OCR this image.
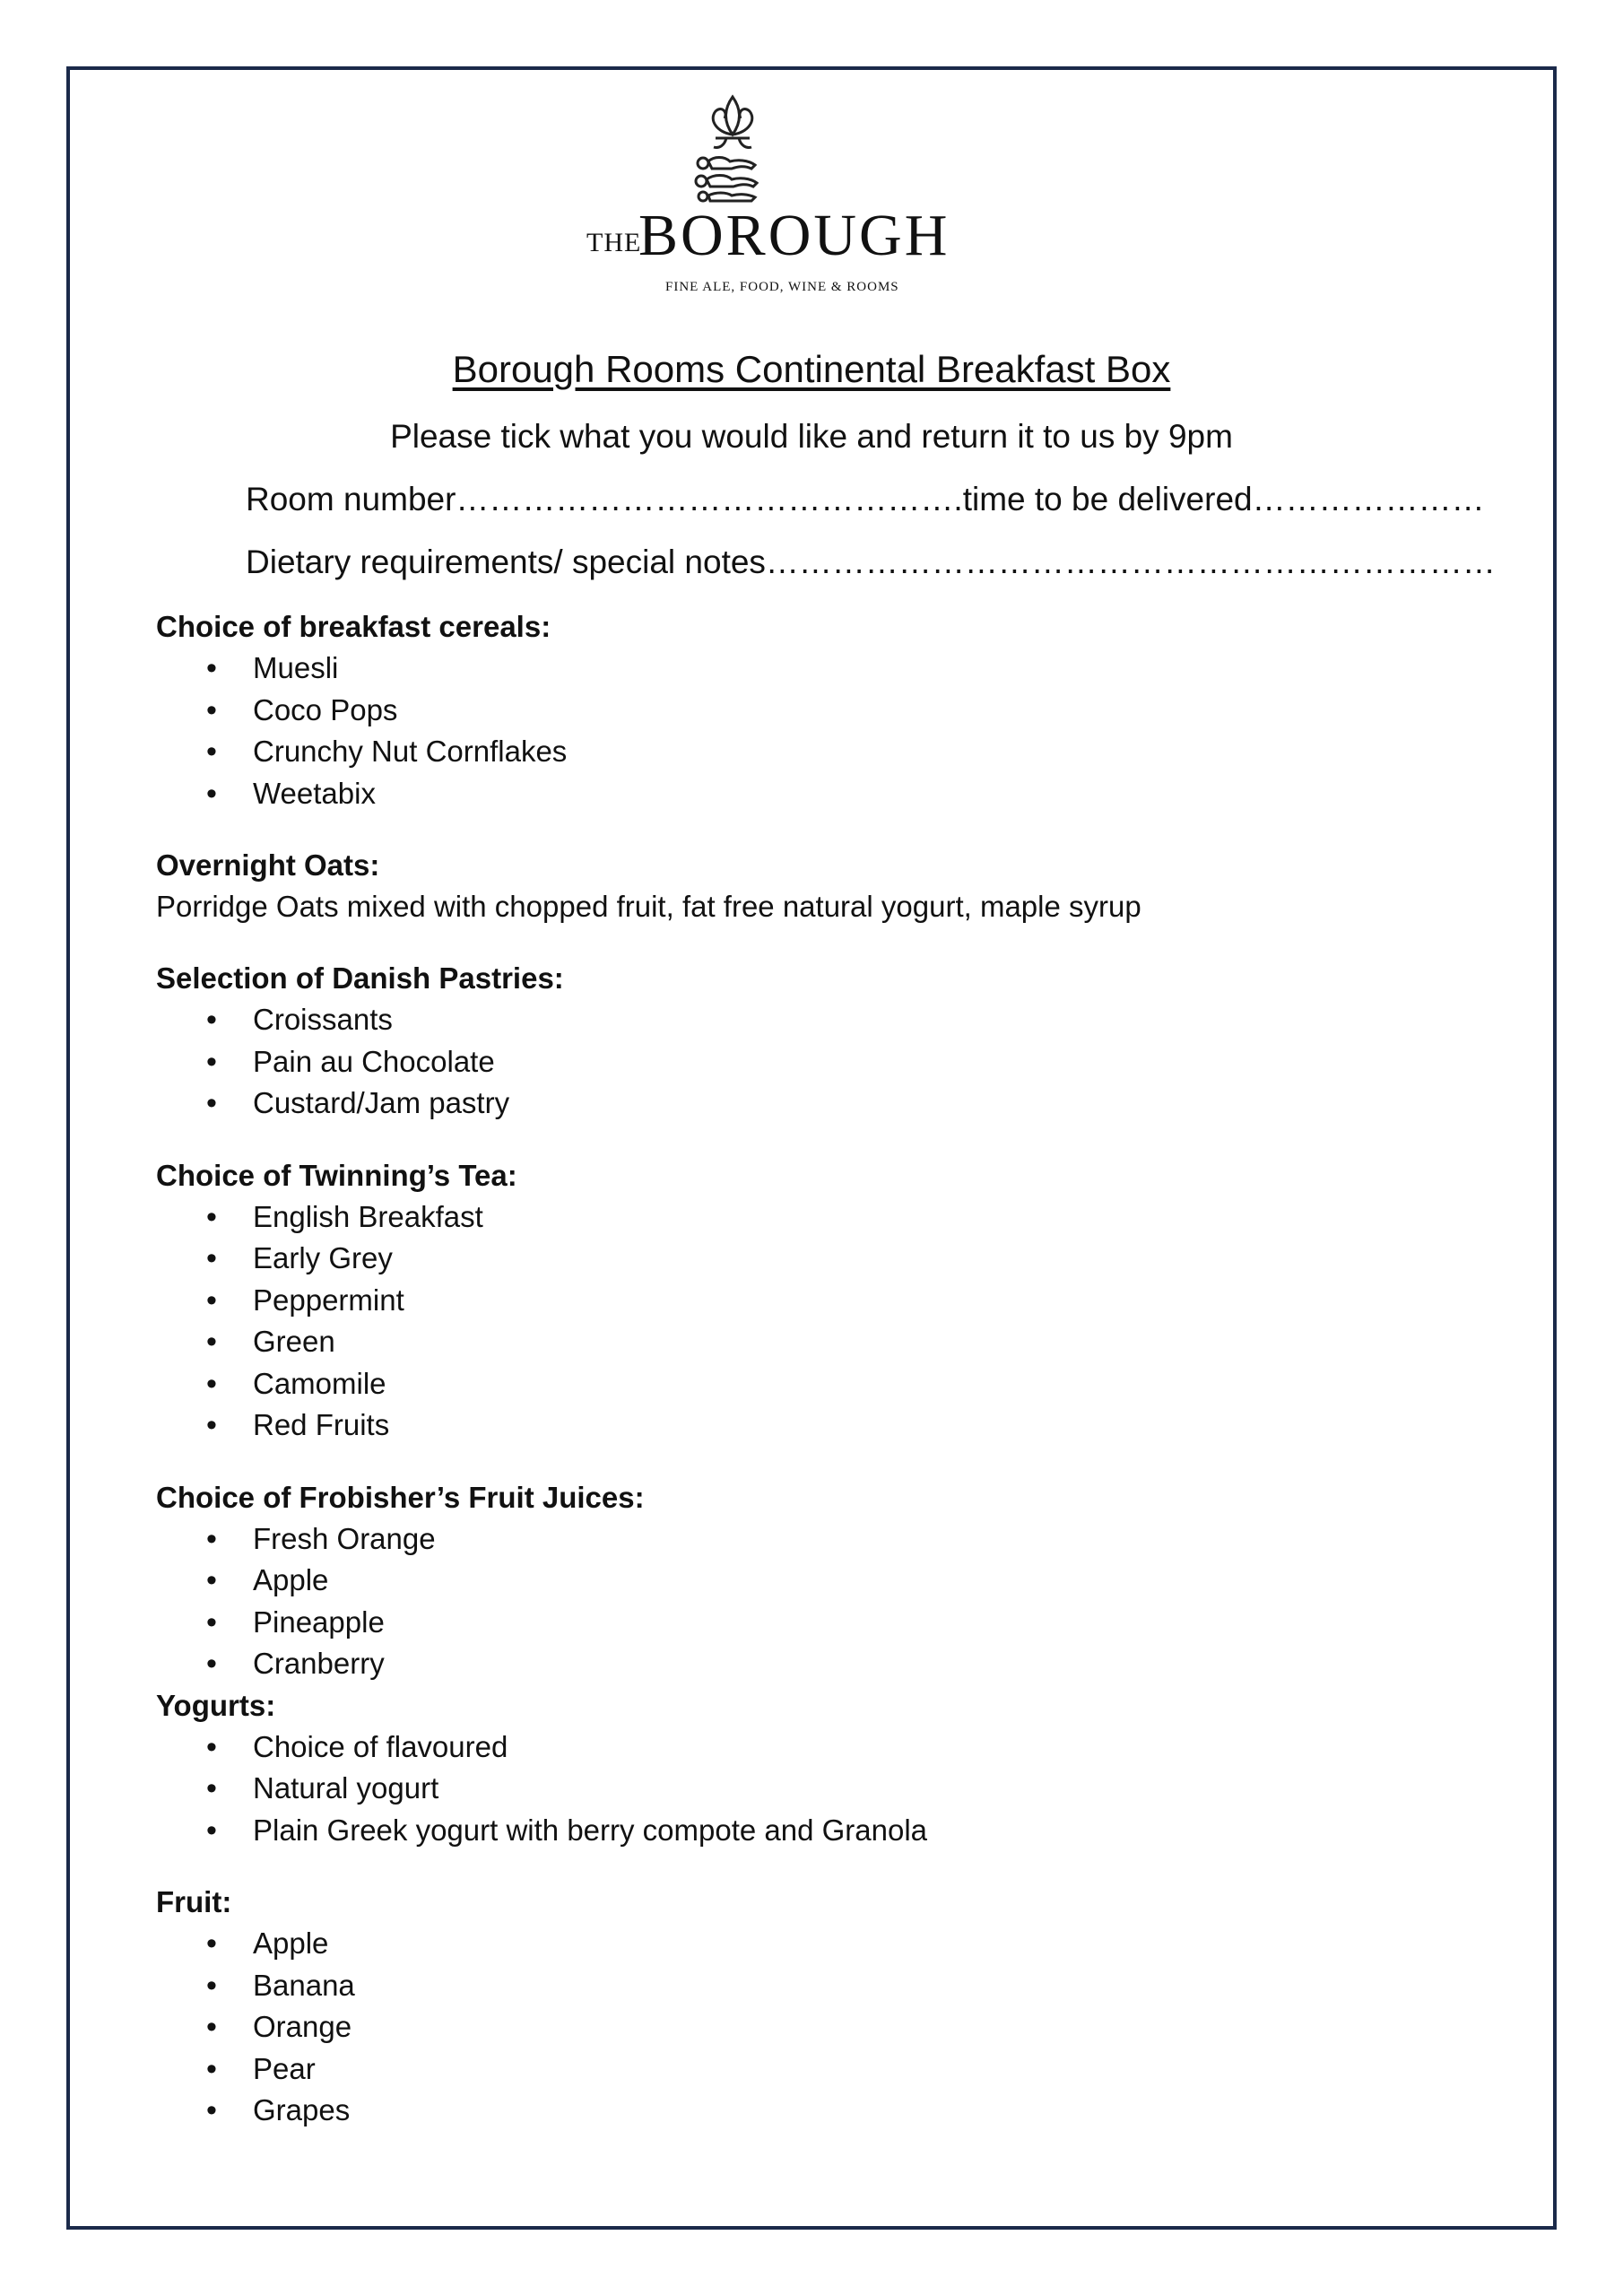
THE
BOROUGH
FINE ALE, FOOD, WINE & ROOMS
Borough Rooms Continental Breakfast Box
Please tick what you would like and return it to us by 9pm
Room number……………………………………….time to be delivered…………………
Dietary requirements/ special notes…………………………………………………………

Choice of breakfast cereals:

• Muesli
• Coco Pops
• Crunchy Nut Cornflakes
• Weetabix

Overnight Oats:

Porridge Oats mixed with chopped fruit, fat free natural yogurt, maple syrup

Selection of Danish Pastries:

• Croissants
• Pain au Chocolate
• Custard/Jam pastry

Choice of Twinning’s Tea:

• English Breakfast
• Early Grey
• Peppermint
• Green
• Camomile
• Red Fruits

Choice of Frobisher’s Fruit Juices:

• Fresh Orange
• Apple
• Pineapple
• Cranberry

Yogurts:

• Choice of flavoured
• Natural yogurt
• Plain Greek yogurt with berry compote and Granola

Fruit:

• Apple
• Banana
• Orange
• Pear
• Grapes
